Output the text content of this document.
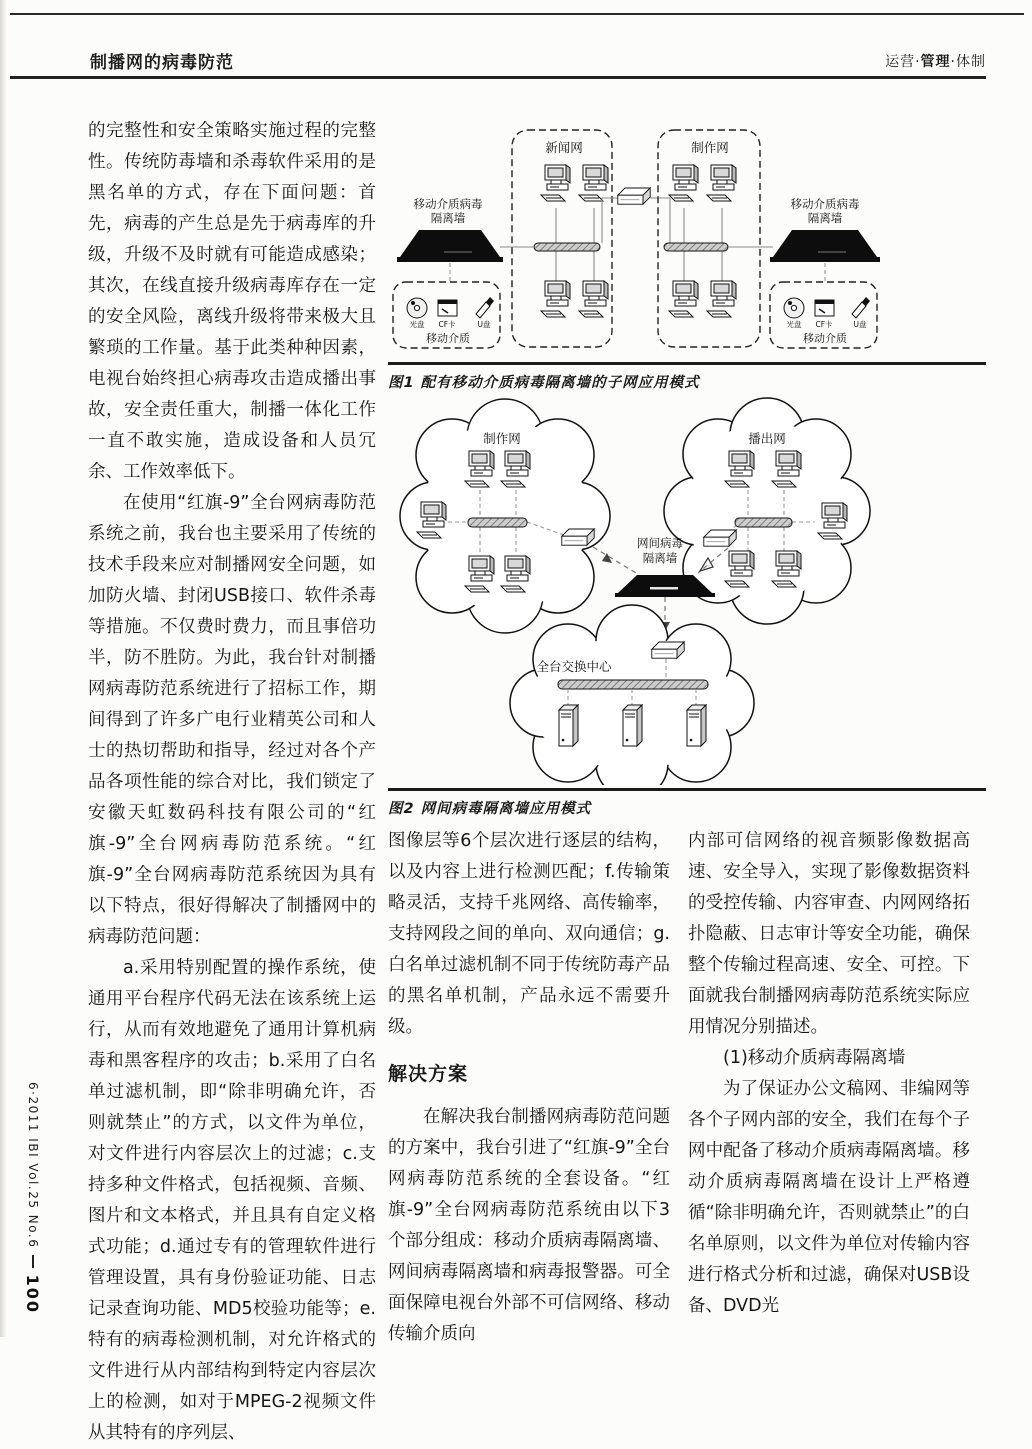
制播网的病毒防范	运营·管理·体制

的完整性和安全策略实施过程的完整性。传统防毒墙和杀毒软件采用的是黑名单的方式，存在下面问题：首先，病毒的产生总是先于病毒库的升级，升级不及时就有可能造成感染；其次，在线直接升级病毒库存在一定的安全风险，离线升级将带来极大且繁琐的工作量。基于此类种种因素，电视台始终担心病毒攻击造成播出事故，安全责任重大，制播一体化工作一直不敢实施，造成设备和人员冗余、工作效率低下。

在使用“红旗-9”全台网病毒防范系统之前，我台也主要采用了传统的技术手段来应对制播网安全问题，如加防火墙、封闭USB接口、软件杀毒等措施。不仅费时费力，而且事倍功半，防不胜防。为此，我台针对制播网病毒防范系统进行了招标工作，期间得到了许多广电行业精英公司和人士的热切帮助和指导，经过对各个产品各项性能的综合对比，我们锁定了安徽天虹数码科技有限公司的“红旗-9”全台网病毒防范系统。“红旗-9”全台网病毒防范系统因为具有以下特点，很好得解决了制播网中的病毒防范问题：

a.采用特别配置的操作系统，使通用平台程序代码无法在该系统上运行，从而有效地避免了通用计算机病毒和黑客程序的攻击；b.采用了白名单过滤机制，即“除非明确允许，否则就禁止”的方式，以文件为单位，对文件进行内容层次上的过滤；c.支持多种文件格式，包括视频、音频、图片和文本格式，并且具有自定义格式功能；d.通过专有的管理软件进行管理设置，具有身份验证功能、日志记录查询功能、MD5校验功能等；e.特有的病毒检测机制，对允许格式的文件进行从内部结构到特定内容层次上的检测，如对于MPEG-2视频文件从其特有的序列层、

移动介质病毒
隔离墙
光盘 CF卡	U盘
移动介质
新闻网	制作网
移动介质病毒
隔离墙
光盘 CF卡	U盘
移动介质
图1 配有移动介质病毒隔离墙的子网应用模式
制作网	播出网
网间病毒
隔离墙
全台交换中心
图2 网间病毒隔离墙应用模式

图像层等6个层次进行逐层的结构，以及内容上进行检测匹配；f.传输策略灵活，支持千兆网络、高传输率，支持网段之间的单向、双向通信；g.白名单过滤机制不同于传统防毒产品的黑名单机制，产品永远不需要升级。

解决方案

在解决我台制播网病毒防范问题的方案中，我台引进了“红旗-9”全台网病毒防范系统的全套设备。“红旗-9”全台网病毒防范系统由以下3个部分组成：移动介质病毒隔离墙、网间病毒隔离墙和病毒报警器。可全面保障电视台外部不可信网络、移动传输介质向

内部可信网络的视音频影像数据高速、安全导入，实现了影像数据资料的受控传输、内容审查、内网网络拓扑隐蔽、日志审计等安全功能，确保整个传输过程高速、安全、可控。下面就我台制播网病毒防范系统实际应用情况分别描述。

(1)移动介质病毒隔离墙

为了保证办公文稿网、非编网等各个子网内部的安全，我们在每个子网中配备了移动介质病毒隔离墙。移动介质病毒隔离墙在设计上严格遵循“除非明确允许，否则就禁止”的白名单原则，以文件为单位对传输内容进行格式分析和过滤，确保对USB设备、DVD光

6·2011 IBI Vol.25 No.6
100
